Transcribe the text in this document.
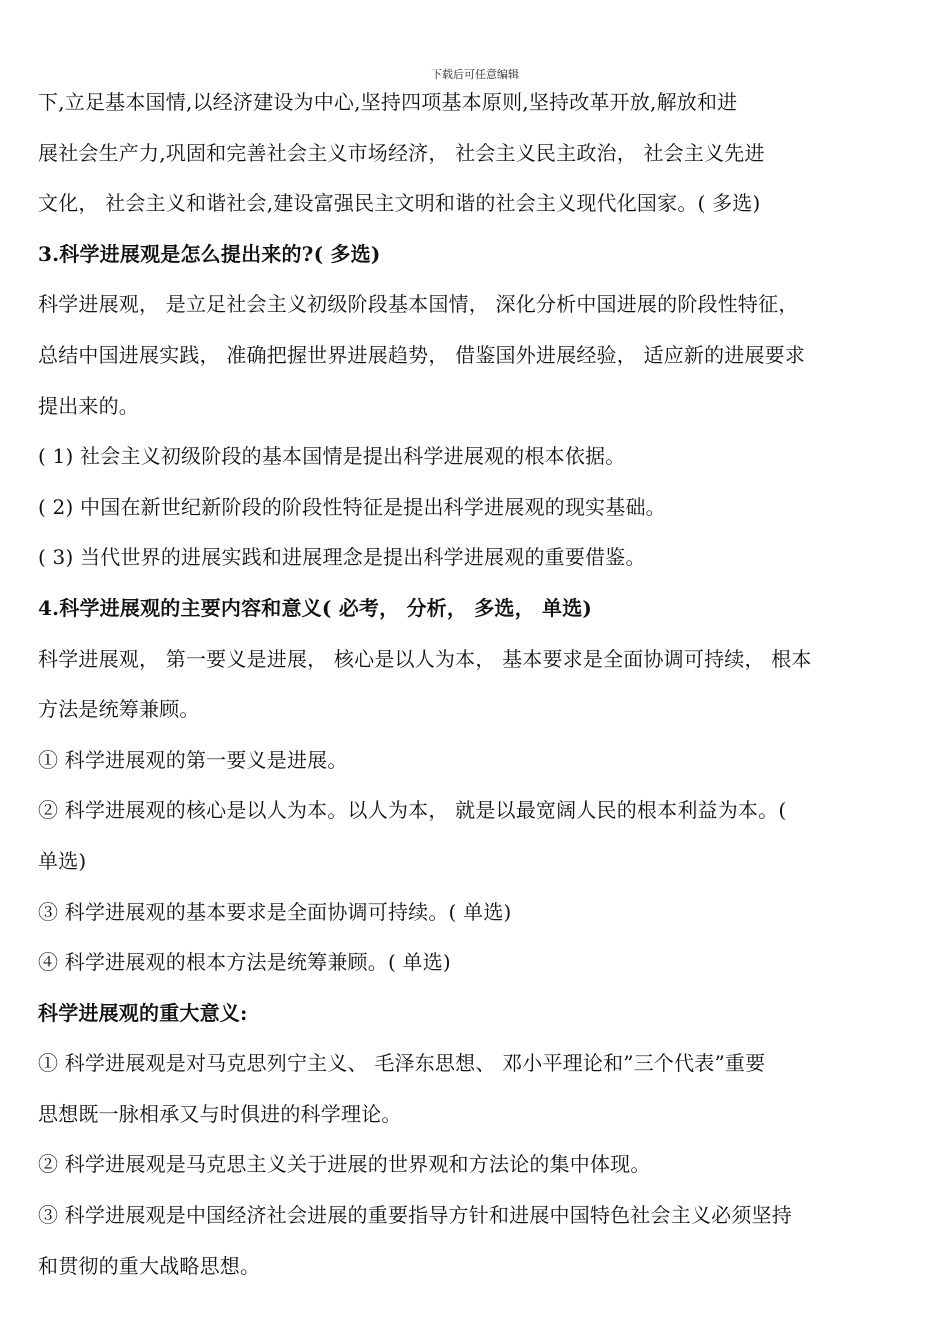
下载后可任意编辑
下,立足基本国情,以经济建设为中心,坚持四项基本原则,坚持改革开放,解放和进
展社会生产力,巩固和完善社会主义市场经济， 社会主义民主政治， 社会主义先进
文化， 社会主义和谐社会,建设富强民主文明和谐的社会主义现代化国家。( 多选)
3.科学进展观是怎么提出来的?( 多选)
科学进展观， 是立足社会主义初级阶段基本国情， 深化分析中国进展的阶段性特征，
总结中国进展实践， 准确把握世界进展趋势， 借鉴国外进展经验， 适应新的进展要求
提出来的。
( 1) 社会主义初级阶段的基本国情是提出科学进展观的根本依据。
( 2) 中国在新世纪新阶段的阶段性特征是提出科学进展观的现实基础。
( 3) 当代世界的进展实践和进展理念是提出科学进展观的重要借鉴。
4.科学进展观的主要内容和意义( 必考， 分析， 多选， 单选)
科学进展观， 第一要义是进展， 核心是以人为本， 基本要求是全面协调可持续， 根本
方法是统筹兼顾。
① 科学进展观的第一要义是进展。
② 科学进展观的核心是以人为本。以人为本， 就是以最宽阔人民的根本利益为本。(
单选)
③ 科学进展观的基本要求是全面协调可持续。( 单选)
④ 科学进展观的根本方法是统筹兼顾。( 单选)
科学进展观的重大意义:
① 科学进展观是对马克思列宁主义、 毛泽东思想、 邓小平理论和”三个代表”重要
思想既一脉相承又与时俱进的科学理论。
② 科学进展观是马克思主义关于进展的世界观和方法论的集中体现。
③ 科学进展观是中国经济社会进展的重要指导方针和进展中国特色社会主义必须坚持
和贯彻的重大战略思想。
